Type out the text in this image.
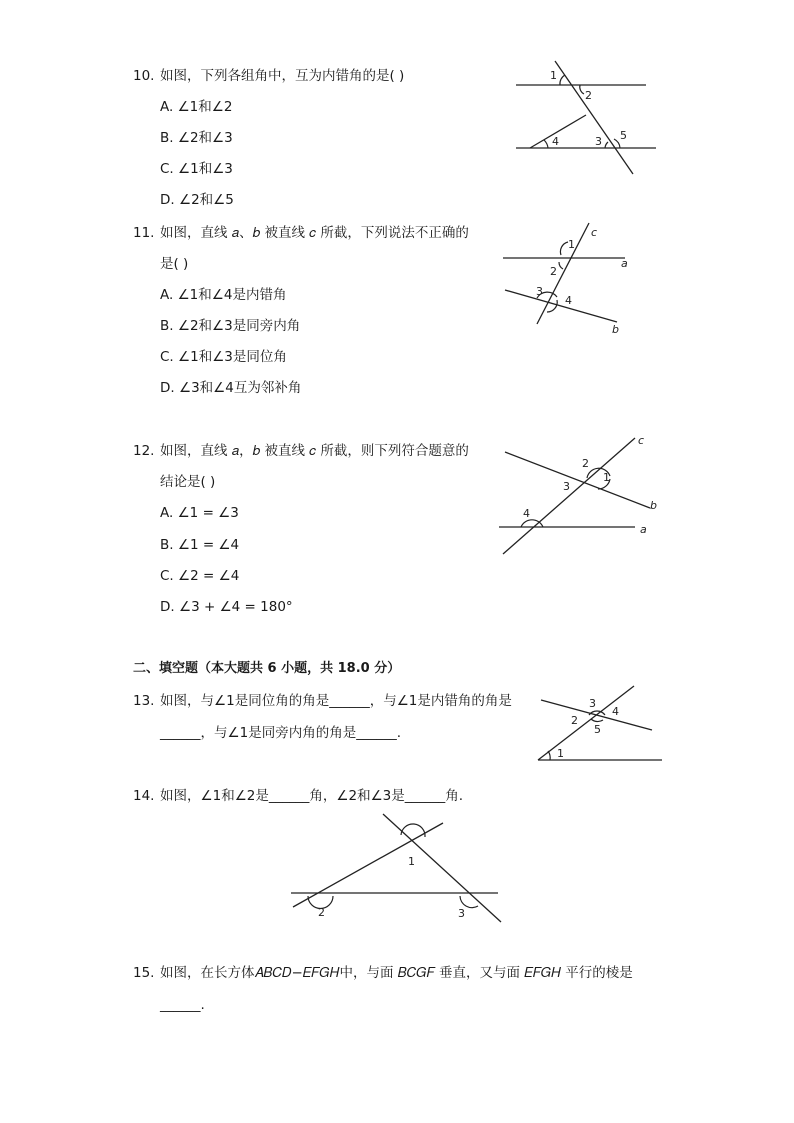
10. 如图，下列各组角中，互为内错角的是( )
A. ∠1和∠2
B. ∠2和∠3
C. ∠1和∠3
D. ∠2和∠5
1
2
4	3 5
11. 如图，直线 𝑎、𝑏 被直线 𝑐 所截，下列说法不正确的
是( )
A. ∠1和∠4是内错角
B. ∠2和∠3是同旁内角
C. ∠1和∠3是同位角
D. ∠3和∠4互为邻补角
c
1
a
2
3
4
b
12. 如图，直线 𝑎，𝑏 被直线 𝑐 所截，则下列符合题意的
结论是( )
A. ∠1 = ∠3
B. ∠1 = ∠4
C. ∠2 = ∠4
D. ∠3 + ∠4 = 180°
c
2
1
3
b
4
a
二、填空题（本大题共 6 小题，共 18.0 分）
13. 如图，与∠1是同位角的角是______，与∠1是内错角的角是
______，与∠1是同旁内角的角是______.
3
4
2
5
1
14. 如图，∠1和∠2是______角，∠2和∠3是______角.
1
2	3
15. 如图，在长方体𝐴𝐵𝐶𝐷−𝐸𝐹𝐺𝐻中，与面 𝐵𝐶𝐺𝐹 垂直，又与面 𝐸𝐹𝐺𝐻 平行的棱是
______.
